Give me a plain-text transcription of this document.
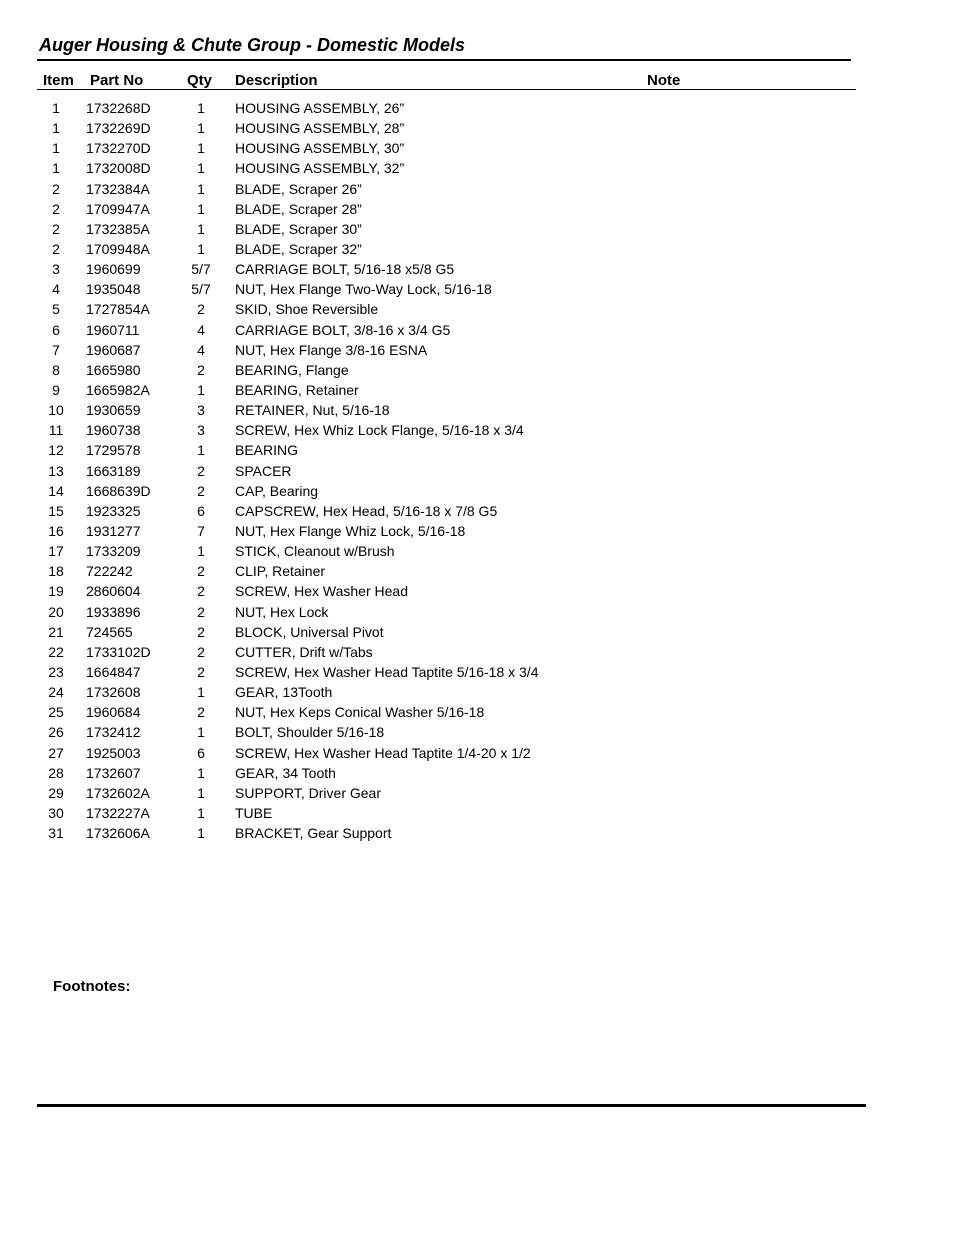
Auger Housing & Chute Group - Domestic Models
Item Part No	Qty Description	Note
1	1732268D	1	HOUSING ASSEMBLY, 26”
1	1732269D	1	HOUSING ASSEMBLY, 28”
1	1732270D	1	HOUSING ASSEMBLY, 30”
1	1732008D	1	HOUSING ASSEMBLY, 32”
2	1732384A	1	BLADE, Scraper 26”
2	1709947A	1	BLADE, Scraper 28”
2	1732385A	1	BLADE, Scraper 30”
2	1709948A	1	BLADE, Scraper 32”
3	1960699	5/7	CARRIAGE BOLT, 5/16-18 x5/8 G5
4	1935048	5/7	NUT, Hex Flange Two-Way Lock, 5/16-18
5	1727854A	2	SKID, Shoe Reversible
6	1960711	4	CARRIAGE BOLT, 3/8-16 x 3/4 G5
7	1960687	4	NUT, Hex Flange 3/8-16 ESNA
8	1665980	2	BEARING, Flange
9	1665982A	1	BEARING, Retainer
10	1930659	3	RETAINER, Nut, 5/16-18
11	1960738	3	SCREW, Hex Whiz Lock Flange, 5/16-18 x 3/4
12	1729578	1	BEARING
13	1663189	2	SPACER
14	1668639D	2	CAP, Bearing
15	1923325	6	CAPSCREW, Hex Head, 5/16-18 x 7/8 G5
16	1931277	7	NUT, Hex Flange Whiz Lock, 5/16-18
17	1733209	1	STICK, Cleanout w/Brush
18	722242	2	CLIP, Retainer
19	2860604	2	SCREW, Hex Washer Head
20	1933896	2	NUT, Hex Lock
21	724565	2	BLOCK, Universal Pivot
22	1733102D	2	CUTTER, Drift w/Tabs
23	1664847	2	SCREW, Hex Washer Head Taptite 5/16-18 x 3/4
24	1732608	1	GEAR, 13Tooth
25	1960684	2	NUT, Hex Keps Conical Washer 5/16-18
26	1732412	1	BOLT, Shoulder 5/16-18
27	1925003	6	SCREW, Hex Washer Head Taptite 1/4-20 x 1/2
28	1732607	1	GEAR, 34 Tooth
29	1732602A	1	SUPPORT, Driver Gear
30	1732227A	1	TUBE
31	1732606A	1	BRACKET, Gear Support
Footnotes:
